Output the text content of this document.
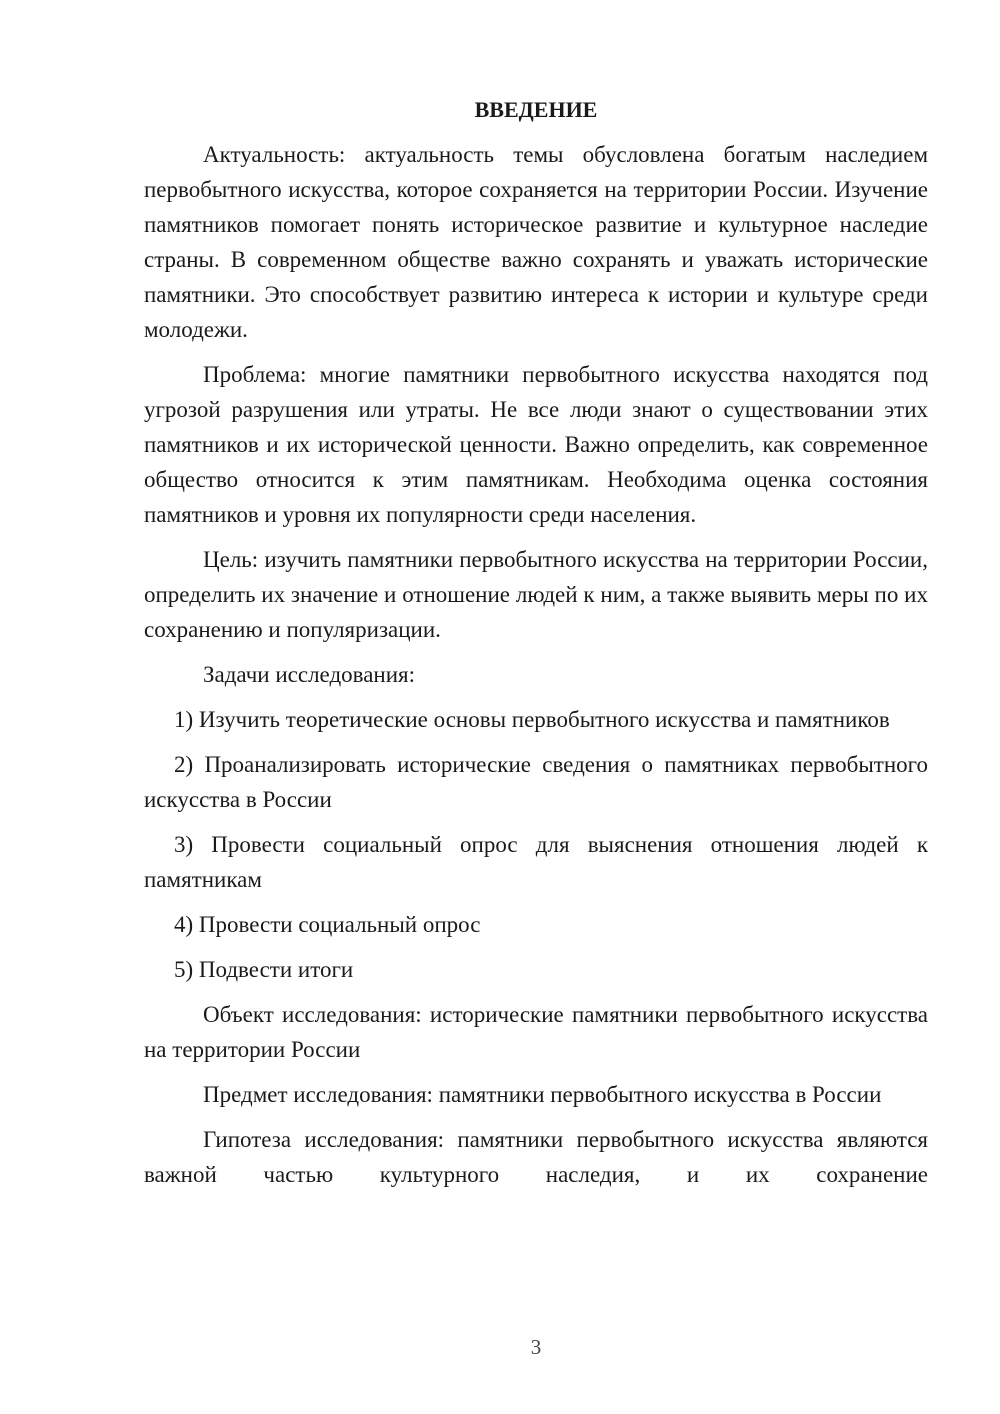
ВВЕДЕНИЕ

Актуальность: актуальность темы обусловлена богатым наследием первобытного искусства, которое сохраняется на территории России. Изучение памятников помогает понять историческое развитие и культурное наследие страны. В современном обществе важно сохранять и уважать исторические памятники. Это способствует развитию интереса к истории и культуре среди молодежи.

Проблема: многие памятники первобытного искусства находятся под угрозой разрушения или утраты. Не все люди знают о существовании этих памятников и их исторической ценности. Важно определить, как современное общество относится к этим памятникам. Необходима оценка состояния памятников и уровня их популярности среди населения.

Цель: изучить памятники первобытного искусства на территории России, определить их значение и отношение людей к ним, а также выявить меры по их сохранению и популяризации.

Задачи исследования:

1) Изучить теоретические основы первобытного искусства и памятников

2) Проанализировать исторические сведения о памятниках первобытного искусства в России

3) Провести социальный опрос для выяснения отношения людей к памятникам

4) Провести социальный опрос

5) Подвести итоги

Объект исследования: исторические памятники первобытного искусства на территории России

Предмет исследования: памятники первобытного искусства в России

Гипотеза исследования: памятники первобытного искусства являются важной частью культурного наследия, и их сохранение

3
